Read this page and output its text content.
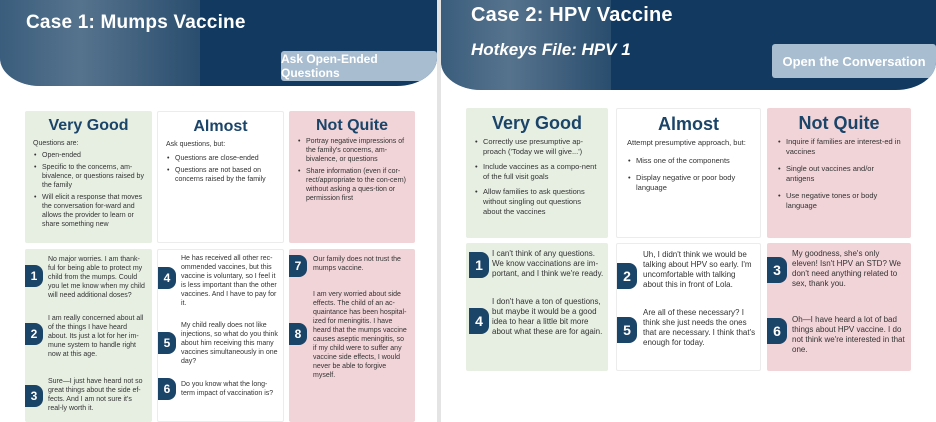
Case 1: Mumps Vaccine
Ask Open-Ended Questions
Very Good
Questions are:
• Open-ended
• Specific to the concerns, am-bivalence, or questions raised by the family
• Will elicit a response that moves the conversation for-ward and allows the provider to learn or share something new
Almost
Ask questions, but:
• Questions are close-ended
• Questions are not based on concerns raised by the family
Not Quite
• Portray negative impressions of the family's concerns, am-bivalence, or questions
• Share information (even if cor-rect/appropriate to the con-cern) without asking a ques-tion or permission first
1
No major worries. I am thank-ful for being able to protect my child from the mumps. Could you let me know when my child will need additional doses?
2
I am really concerned about all of the things I have heard about. Its just a lot for her im-mune system to handle right now at this age.
3
Sure—I just have heard not so great things about the side ef-fects. And I am not sure it's real-ly worth it.
4
He has received all other rec-ommended vaccines, but this vaccine is voluntary, so I feel it is less important than the other vaccines. And I have to pay for it.
5
My child really does not like injections, so what do you think about him receiving this many vaccines simultaneously in one day?
6	Do you know what the long-term impact of vaccination is?
7	Our family does not trust the mumps vaccine.
8
I am very worried about side effects. The child of an ac-quaintance has been hospital-ized for meningitis. I have heard that the mumps vaccine causes aseptic meningitis, so if my child were to suffer any vaccine side effects, I would never be able to forgive myself.
Case 2: HPV Vaccine
Hotkeys File: HPV 1
Open the Conversation
Very Good
• Correctly use presumptive ap-proach ('Today we will give...')
• Include vaccines as a compo-nent of the full visit goals
• Allow families to ask questions without singling out questions about the vaccines
Almost
Attempt presumptive approach, but:
• Miss one of the components
• Display negative or poor body language
Not Quite
• Inquire if families are interest-ed in vaccines
• Single out vaccines and/or antigens
• Use negative tones or body language
1
I can't think of any questions. We know vaccinations are im-portant, and I think we're ready.
4
I don't have a ton of questions, but maybe it would be a good idea to hear a little bit more about what these are for again.
2
Uh, I didn't think we would be talking about HPV so early. I'm uncomfortable with talking about this in front of Lola.
5
Are all of these necessary? I think she just needs the ones that are necessary. I think that's enough for today.
3
My goodness, she's only eleven! Isn't HPV an STD? We don't need anything related to sex, thank you.
6
Oh—I have heard a lot of bad things about HPV vaccine. I do not think we're interested in that one.
